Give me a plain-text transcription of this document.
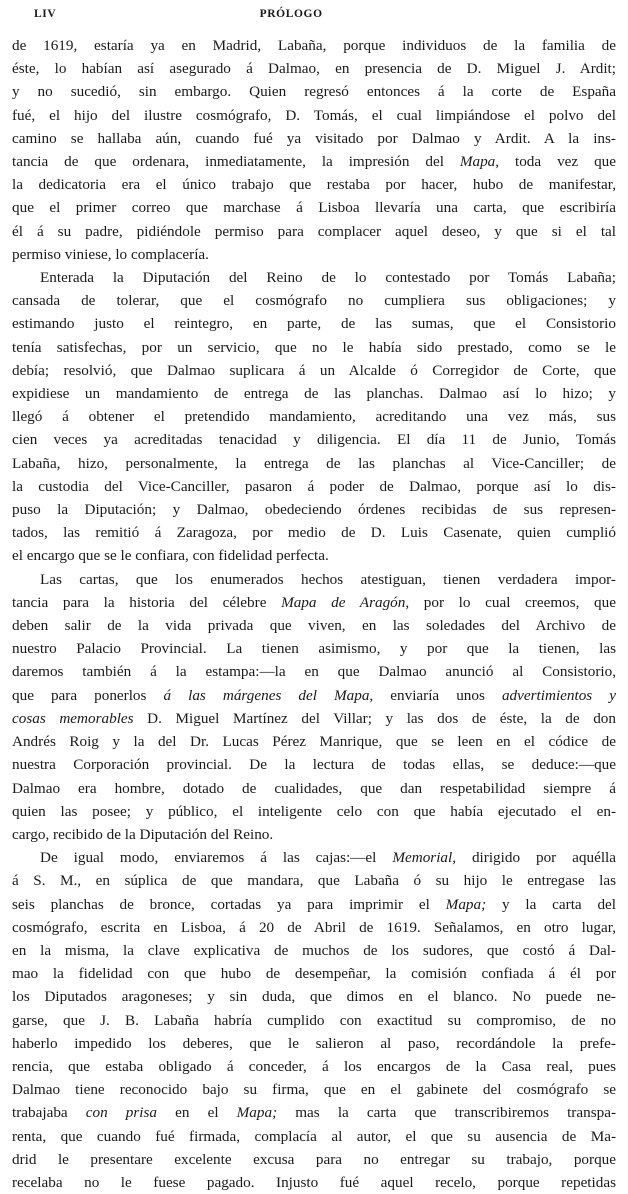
LIV	PRÓLOGO
de 1619, estaría ya en Madrid, Labaña, porque individuos de la familia de
éste, lo habían así asegurado á Dalmao, en presencia de D. Miguel J. Ardit;
y no sucedió, sin embargo. Quien regresó entonces á la corte de España
fué, el hijo del ilustre cosmógrafo, D. Tomás, el cual limpiándose el polvo del
camino se hallaba aún, cuando fué ya visitado por Dalmao y Ardit. A la ins-
tancia de que ordenara, inmediatamente, la impresión del Mapa, toda vez que
la dedicatoria era el único trabajo que restaba por hacer, hubo de manifestar,
que el primer correo que marchase á Lisboa llevaría una carta, que escribiría
él á su padre, pidiéndole permiso para complacer aquel deseo, y que si el tal
permiso viniese, lo complacería.
Enterada la Diputación del Reino de lo contestado por Tomás Labaña;
cansada de tolerar, que el cosmógrafo no cumpliera sus obligaciones; y
estimando justo el reintegro, en parte, de las sumas, que el Consistorio
tenía satisfechas, por un servicio, que no le había sido prestado, como se le
debía; resolvió, que Dalmao suplicara á un Alcalde ó Corregidor de Corte, que
expidiese un mandamiento de entrega de las planchas. Dalmao así lo hizo; y
llegó á obtener el pretendido mandamiento, acreditando una vez más, sus
cien veces ya acreditadas tenacidad y diligencia. El día 11 de Junio, Tomás
Labaña, hizo, personalmente, la entrega de las planchas al Vice-Canciller; de
la custodia del Vice-Canciller, pasaron á poder de Dalmao, porque así lo dis-
puso la Diputación; y Dalmao, obedeciendo órdenes recibidas de sus represen-
tados, las remitió á Zaragoza, por medio de D. Luis Casenate, quien cumplió
el encargo que se le confiara, con fidelidad perfecta.
Las cartas, que los enumerados hechos atestiguan, tienen verdadera impor-
tancia para la historia del célebre Mapa de Aragón, por lo cual creemos, que
deben salir de la vida privada que viven, en las soledades del Archivo de
nuestro Palacio Provincial. La tienen asimismo, y por que la tienen, las
daremos también á la estampa:—la en que Dalmao anunció al Consistorio,
que para ponerlos á las márgenes del Mapa, enviaría unos advertimientos y
cosas memorables D. Miguel Martínez del Villar; y las dos de éste, la de don
Andrés Roig y la del Dr. Lucas Pérez Manrique, que se leen en el códice de
nuestra Corporación provincial. De la lectura de todas ellas, se deduce:—que
Dalmao era hombre, dotado de cualidades, que dan respetabilidad siempre á
quien las posee; y público, el inteligente celo con que había ejecutado el en-
cargo, recibido de la Diputación del Reino.
De igual modo, enviaremos á las cajas:—el Memorial, dirigido por aquélla
á S. M., en súplica de que mandara, que Labaña ó su hijo le entregase las
seis planchas de bronce, cortadas ya para imprimir el Mapa; y la carta del
cosmógrafo, escrita en Lisboa, á 20 de Abril de 1619. Señalamos, en otro lugar,
en la misma, la clave explicativa de muchos de los sudores, que costó á Dal-
mao la fidelidad con que hubo de desempeñar, la comisión confiada á él por
los Diputados aragoneses; y sin duda, que dimos en el blanco. No puede ne-
garse, que J. B. Labaña habría cumplido con exactitud su compromiso, de no
haberlo impedido los deberes, que le salieron al paso, recordándole la prefe-
rencia, que estaba obligado á conceder, á los encargos de la Casa real, pues
Dalmao tiene reconocido bajo su firma, que en el gabinete del cosmógrafo se
trabajaba con prisa en el Mapa; mas la carta que transcribiremos transpa-
renta, que cuando fué firmada, complacía al autor, el que su ausencia de Ma-
drid le presentare excelente excusa para no entregar su trabajo, porque
recelaba no le fuese pagado. Injusto fué aquel recelo, porque repetidas
